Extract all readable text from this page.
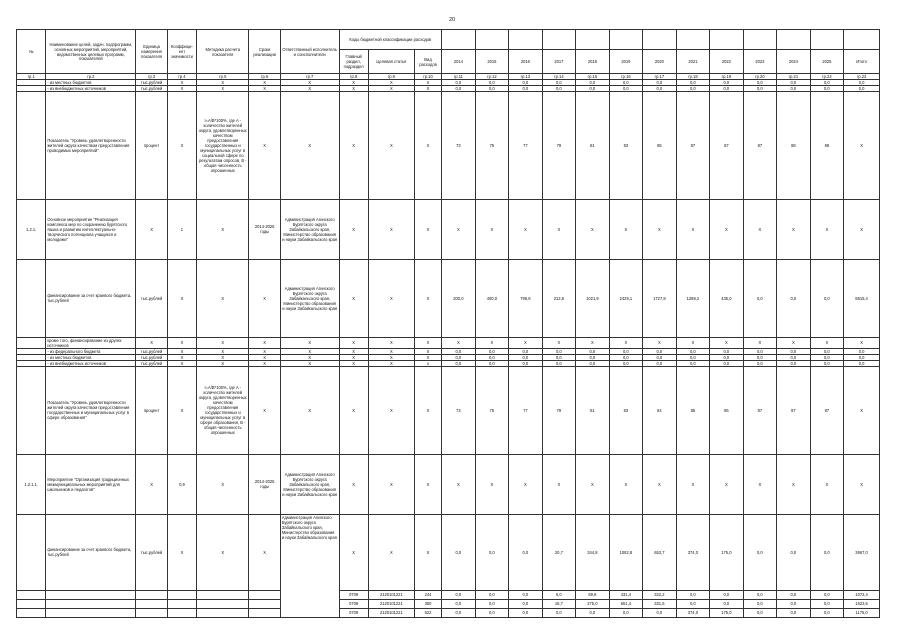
20
№	Наименование целей, задач, подпрограмм, основных мероприятий, мероприятий, ведомственных целевых программ, показателей	Единица измерения показателя	Коэффици-ент значимости	Методика расчета показателя	Сроки реализации	Ответственный исполнитель и соисполнители	Коды бюджетной классификации расходов															
							Главный раздел, подраздел	Целевая статья	Вид расходов	2014	2015	2016	2017	2018	2019	2020	2021	2022	2023	2024	2025	Итого
гр.1	гр.2	гр.3	гр.4	гр.5	гр.6	гр.7	гр.8	гр.9	гр.10	гр.11	гр.12	гр.13	гр.14	гр.15	гр.16	гр.17	гр.18	гр.19	гр.20	гр.21	гр.22	гр.23
	- из местных бюджетов	тыс.рублей	X	X	X	X	X	X	X	0,0	0,0	0,0	0,0	0,0	0,0	0,0	0,0	0,0	0,0	0,0	0,0	0,0
	- из внебюджетных источников	тыс.рублей	X	X	X	X	X	X	X	0,0	0,0	0,0	0,0	0,0	0,0	0,0	0,0	0,0	0,0	0,0	0,0	0,0
	Показатель "Уровень удовлетворенности жителей округа качеством предоставления проводимых мероприятий"	процент	X	I=A/B*100%, где A - количество жителей округа, удовлетворенных качеством предоставления государственных и муниципальных услуг в социальной сфере по результатам опросов, B - общая численность опрошенных	X	X	X	X	X	73	75	77	79	81	83	85	87	87	87	88	88	X
1.2.1.	Основное мероприятие "Реализация комплекса мер по сохранению бурятского языка и развитию интеллектуально-творческого потенциала учащихся и молодежи"	X	1	X	2014-2025 годы	Администрация Агинского Бурятского округа Забайкальского края, Министерство образования и науки Забайкальского края	X	X	X	X	X	X	X	X	X	X	X	X	X	X	X	X
	финансирование за счет краевого бюджета, тыс.рублей	тыс.рублей	X	X	X	Администрация Агинского Бурятского округа Забайкальского края, Министерство образования и науки Забайкальского края	X	X	X	200,0	400,0	799,9	213,5	1021,9	2429,1	1727,8	1288,2	435,0	0,0	0,0	0,0	8515,4
	кроме того, финансирование из других источников	X	X	X	X	X	X	X	X	X	X	X	X	X	X	X	X	X	X	X	X	X
	- из федерального бюджета	тыс.рублей	X	X	X	X	X	X	X	0,0	0,0	0,0	0,0	0,0	0,0	0,0	0,0	0,0	0,0	0,0	0,0	0,0
	- из местных бюджетов	тыс.рублей	X	X	X	X	X	X	X	0,0	0,0	0,0	0,0	0,0	0,0	0,0	0,0	0,0	0,0	0,0	0,0	0,0
	- из внебюджетных источников	тыс.рублей	X	X	X	X	X	X	x	0,0	0,0	0,0	0,0	0,0	0,0	0,0	0,0	0,0	0,0	0,0	0,0	0,0
	Показатель "Уровень удовлетворенности жителей округа качеством предоставления государственных и муниципальных услуг в сфере образования"	процент	X	I=A/B*100%, где A - количество жителей округа, удовлетворенных качеством предоставления государственных и муниципальных услуг в сфере образования, B - общая численность опрошенных	X	X	X	X	X	73	75	77	79	81	83	84	85	86	87	87	87	X
1.2.1.1.	Мероприятие "Организация традиционных межмуниципальных мероприятий для школьников и педагогов"	X	0,9	X	2014-2025 годы	Администрация Агинского Бурятского округа Забайкальского края, Министерство образования и науки Забайкальского края	X	X	X	X	X	X	X	X	X	X	X	X	X	X	X	X
	финансирование за счет краевого бюджета, тыс.рублей	тыс.рублей	X	X	X	Администрация Агинского Бурятского округа Забайкальского края, Министерство образования и науки Забайкальского края	X	X	X	0,0	0,0	0,0	20,7	344,8	1082,8	653,7	374,0	175,0	0,0	0,0	0,0	3667,0
							0709	2120101221	244	0,0	0,0	0,0	5,0	69,8	431,4	322,2	0,0	0,0	0,0	0,0	0,0	1072,4
							0709	2120101221	350	0,0	0,0	0,0	15,7	275,0	651,4	331,5	0,0	0,0	0,0	0,0	0,0	1623,6
							0709	2120101221	622	0,0	0,0	0,0	0,0	0,0	0,0	0,0	374,0	175,0	0,0	0,0	0,0	1175,0
